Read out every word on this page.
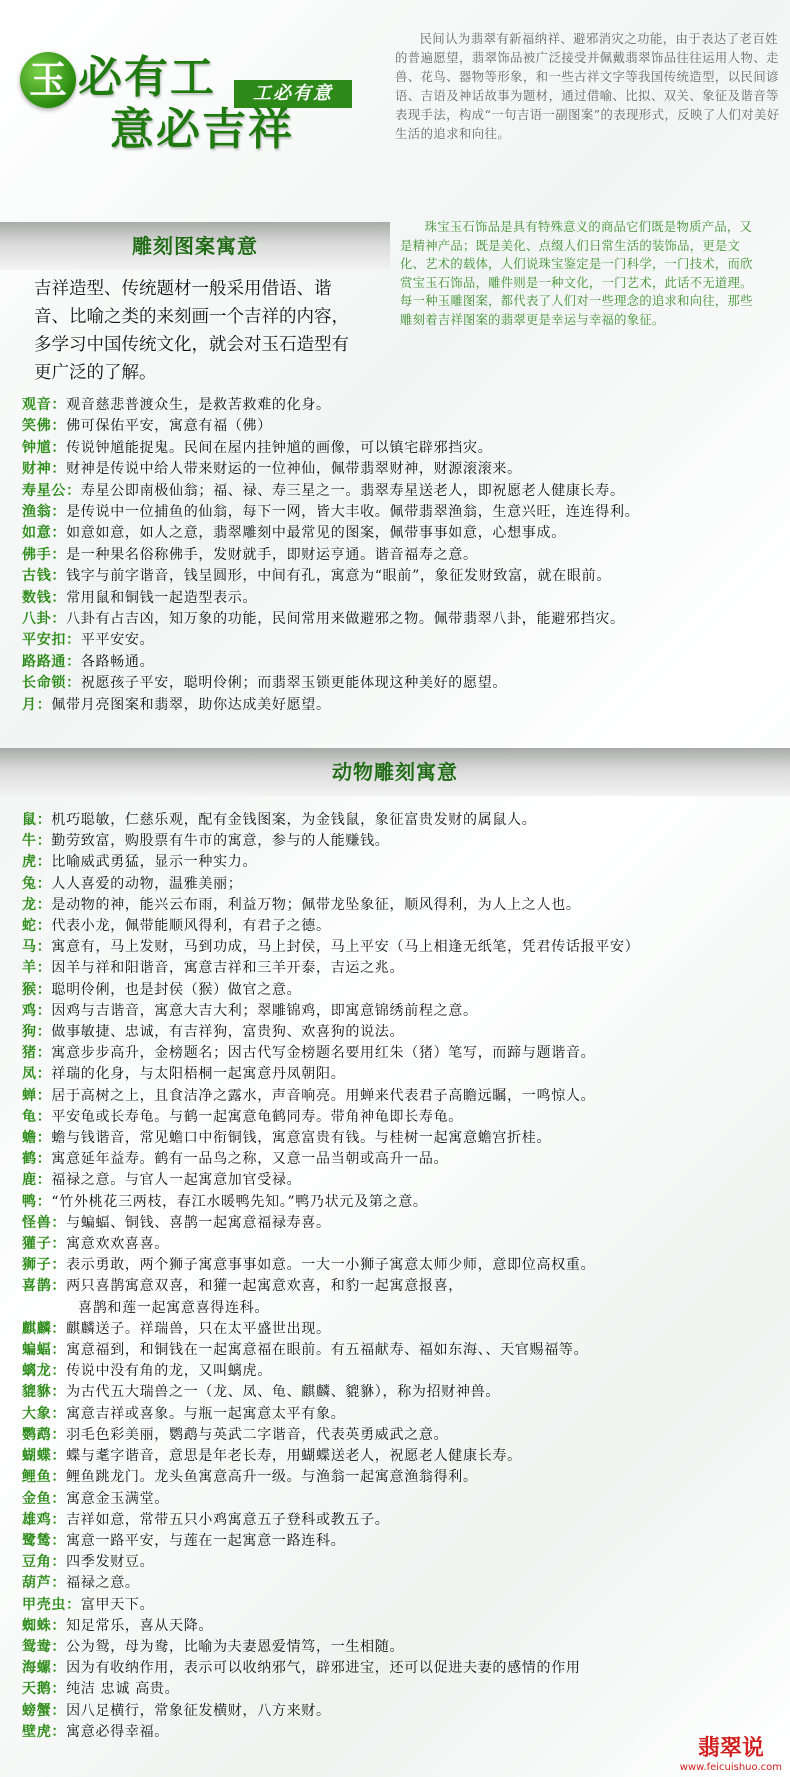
玉 必有工	工必有意
意必吉祥

民间认为翡翠有新福纳祥、避邪消灾之功能，由于表达了老百姓的普遍愿望，翡翠饰品被广泛接受并佩戴翡翠饰品往往运用人物、走兽、花鸟、器物等形象，和一些古祥文字等我国传统造型，以民间谚语、吉语及神话故事为题材，通过借喻、比拟、双关、象征及谐音等表现手法，构成“一句吉语一副图案”的表现形式，反映了人们对美好生活的追求和向往。

雕刻图案寓意

吉祥造型、传统题材一般采用借语、谐音、比喻之类的来刻画一个吉祥的内容，多学习中国传统文化，就会对玉石造型有更广泛的了解。

珠宝玉石饰品是具有特殊意义的商品它们既是物质产品，又是精神产品；既是美化、点缀人们日常生活的装饰品，更是文化、艺术的载体，人们说珠宝鉴定是一门科学，一门技术，而欣赏宝玉石饰品，雕件则是一种文化，一门艺术，此话不无道理。每一种玉雕图案，都代表了人们对一些理念的追求和向往，那些雕刻着吉祥图案的翡翠更是幸运与幸福的象征。

观音：观音慈悲普渡众生，是救苦救难的化身。
笑佛：佛可保佑平安，寓意有福（佛）
钟馗：传说钟馗能捉鬼。民间在屋内挂钟馗的画像，可以镇宅辟邪挡灾。
财神：财神是传说中给人带来财运的一位神仙，佩带翡翠财神，财源滚滚来。
寿星公：寿星公即南极仙翁；福、禄、寿三星之一。翡翠寿星送老人，即祝愿老人健康长寿。
渔翁：是传说中一位捕鱼的仙翁，每下一网，皆大丰收。佩带翡翠渔翁，生意兴旺，连连得利。
如意：如意如意，如人之意，翡翠雕刻中最常见的图案，佩带事事如意，心想事成。
佛手：是一种果名俗称佛手，发财就手，即财运亨通。谐音福寿之意。
古钱：钱字与前字谐音，钱呈圆形，中间有孔，寓意为“眼前”，象征发财致富，就在眼前。
数钱：常用鼠和铜钱一起造型表示。
八卦：八卦有占吉凶，知万象的功能，民间常用来做避邪之物。佩带翡翠八卦，能避邪挡灾。
平安扣：平平安安。
路路通：各路畅通。
长命锁：祝愿孩子平安，聪明伶俐；而翡翠玉锁更能体现这种美好的愿望。
月：佩带月亮图案和翡翠，助你达成美好愿望。
动物雕刻寓意
鼠：机巧聪敏，仁慈乐观，配有金钱图案，为金钱鼠，象征富贵发财的属鼠人。
牛：勤劳致富，购股票有牛市的寓意，参与的人能赚钱。
虎：比喻威武勇猛，显示一种实力。
兔：人人喜爱的动物，温雅美丽；
龙：是动物的神，能兴云布雨，利益万物；佩带龙坠象征，顺风得利，为人上之人也。
蛇：代表小龙，佩带能顺风得利，有君子之德。
马：寓意有，马上发财，马到功成，马上封侯，马上平安（马上相逢无纸笔，凭君传话报平安）
羊：因羊与祥和阳谐音，寓意吉祥和三羊开泰，吉运之兆。
猴：聪明伶俐，也是封侯（猴）做官之意。
鸡：因鸡与吉谐音，寓意大吉大利；翠雕锦鸡，即寓意锦绣前程之意。
狗：做事敏捷、忠诚，有吉祥狗，富贵狗、欢喜狗的说法。
猪：寓意步步高升，金榜题名；因古代写金榜题名要用红朱（猪）笔写，而蹄与题谐音。
凤：祥瑞的化身，与太阳梧桐一起寓意丹凤朝阳。
蝉：居于高树之上，且食洁净之露水，声音响亮。用蝉来代表君子高瞻远瞩，一鸣惊人。
龟：平安龟或长寿龟。与鹤一起寓意龟鹤同寿。带角神龟即长寿龟。
蟾：蟾与钱谐音，常见蟾口中衔铜钱，寓意富贵有钱。与桂树一起寓意蟾宫折桂。
鹤：寓意延年益寿。鹤有一品鸟之称，又意一品当朝或高升一品。
鹿：福禄之意。与官人一起寓意加官受禄。
鸭：“竹外桃花三两枝，春江水暖鸭先知。”鸭乃状元及第之意。
怪兽：与蝙蝠、铜钱、喜鹊一起寓意福禄寿喜。
獾子：寓意欢欢喜喜。
狮子：表示勇敢，两个狮子寓意事事如意。一大一小狮子寓意太师少师，意即位高权重。
喜鹊：两只喜鹊寓意双喜，和獾一起寓意欢喜，和豹一起寓意报喜，
喜鹊和莲一起寓意喜得连科。
麒麟：麒麟送子。祥瑞兽，只在太平盛世出现。
蝙蝠：寓意福到，和铜钱在一起寓意福在眼前。有五福献寿、福如东海、、天官赐福等。
螭龙：传说中没有角的龙，又叫螭虎。
貔貅：为古代五大瑞兽之一（龙、凤、龟、麒麟、貔貅），称为招财神兽。
大象：寓意吉祥或喜象。与瓶一起寓意太平有象。
鹦鹉：羽毛色彩美丽，鹦鹉与英武二字谐音，代表英勇威武之意。
蝴蝶：蝶与耄字谐音，意思是年老长寿，用蝴蝶送老人，祝愿老人健康长寿。
鲤鱼：鲤鱼跳龙门。龙头鱼寓意高升一级。与渔翁一起寓意渔翁得利。
金鱼：寓意金玉满堂。
雄鸡：吉祥如意，常带五只小鸡寓意五子登科或教五子。
鹭鸶：寓意一路平安，与莲在一起寓意一路连科。
豆角：四季发财豆。
葫芦：福禄之意。
甲壳虫：富甲天下。
蜘蛛：知足常乐，喜从天降。
鸳鸯：公为鸳，母为鸯，比喻为夫妻恩爱情笃，一生相随。
海螺：因为有收纳作用，表示可以收纳邪气，辟邪进宝，还可以促进夫妻的感情的作用
天鹅：纯洁 忠诚 高贵。
螃蟹：因八足横行，常象征发横财，八方来财。
壁虎：寓意必得幸福。
翡翠说
www.feicuishuo.com
